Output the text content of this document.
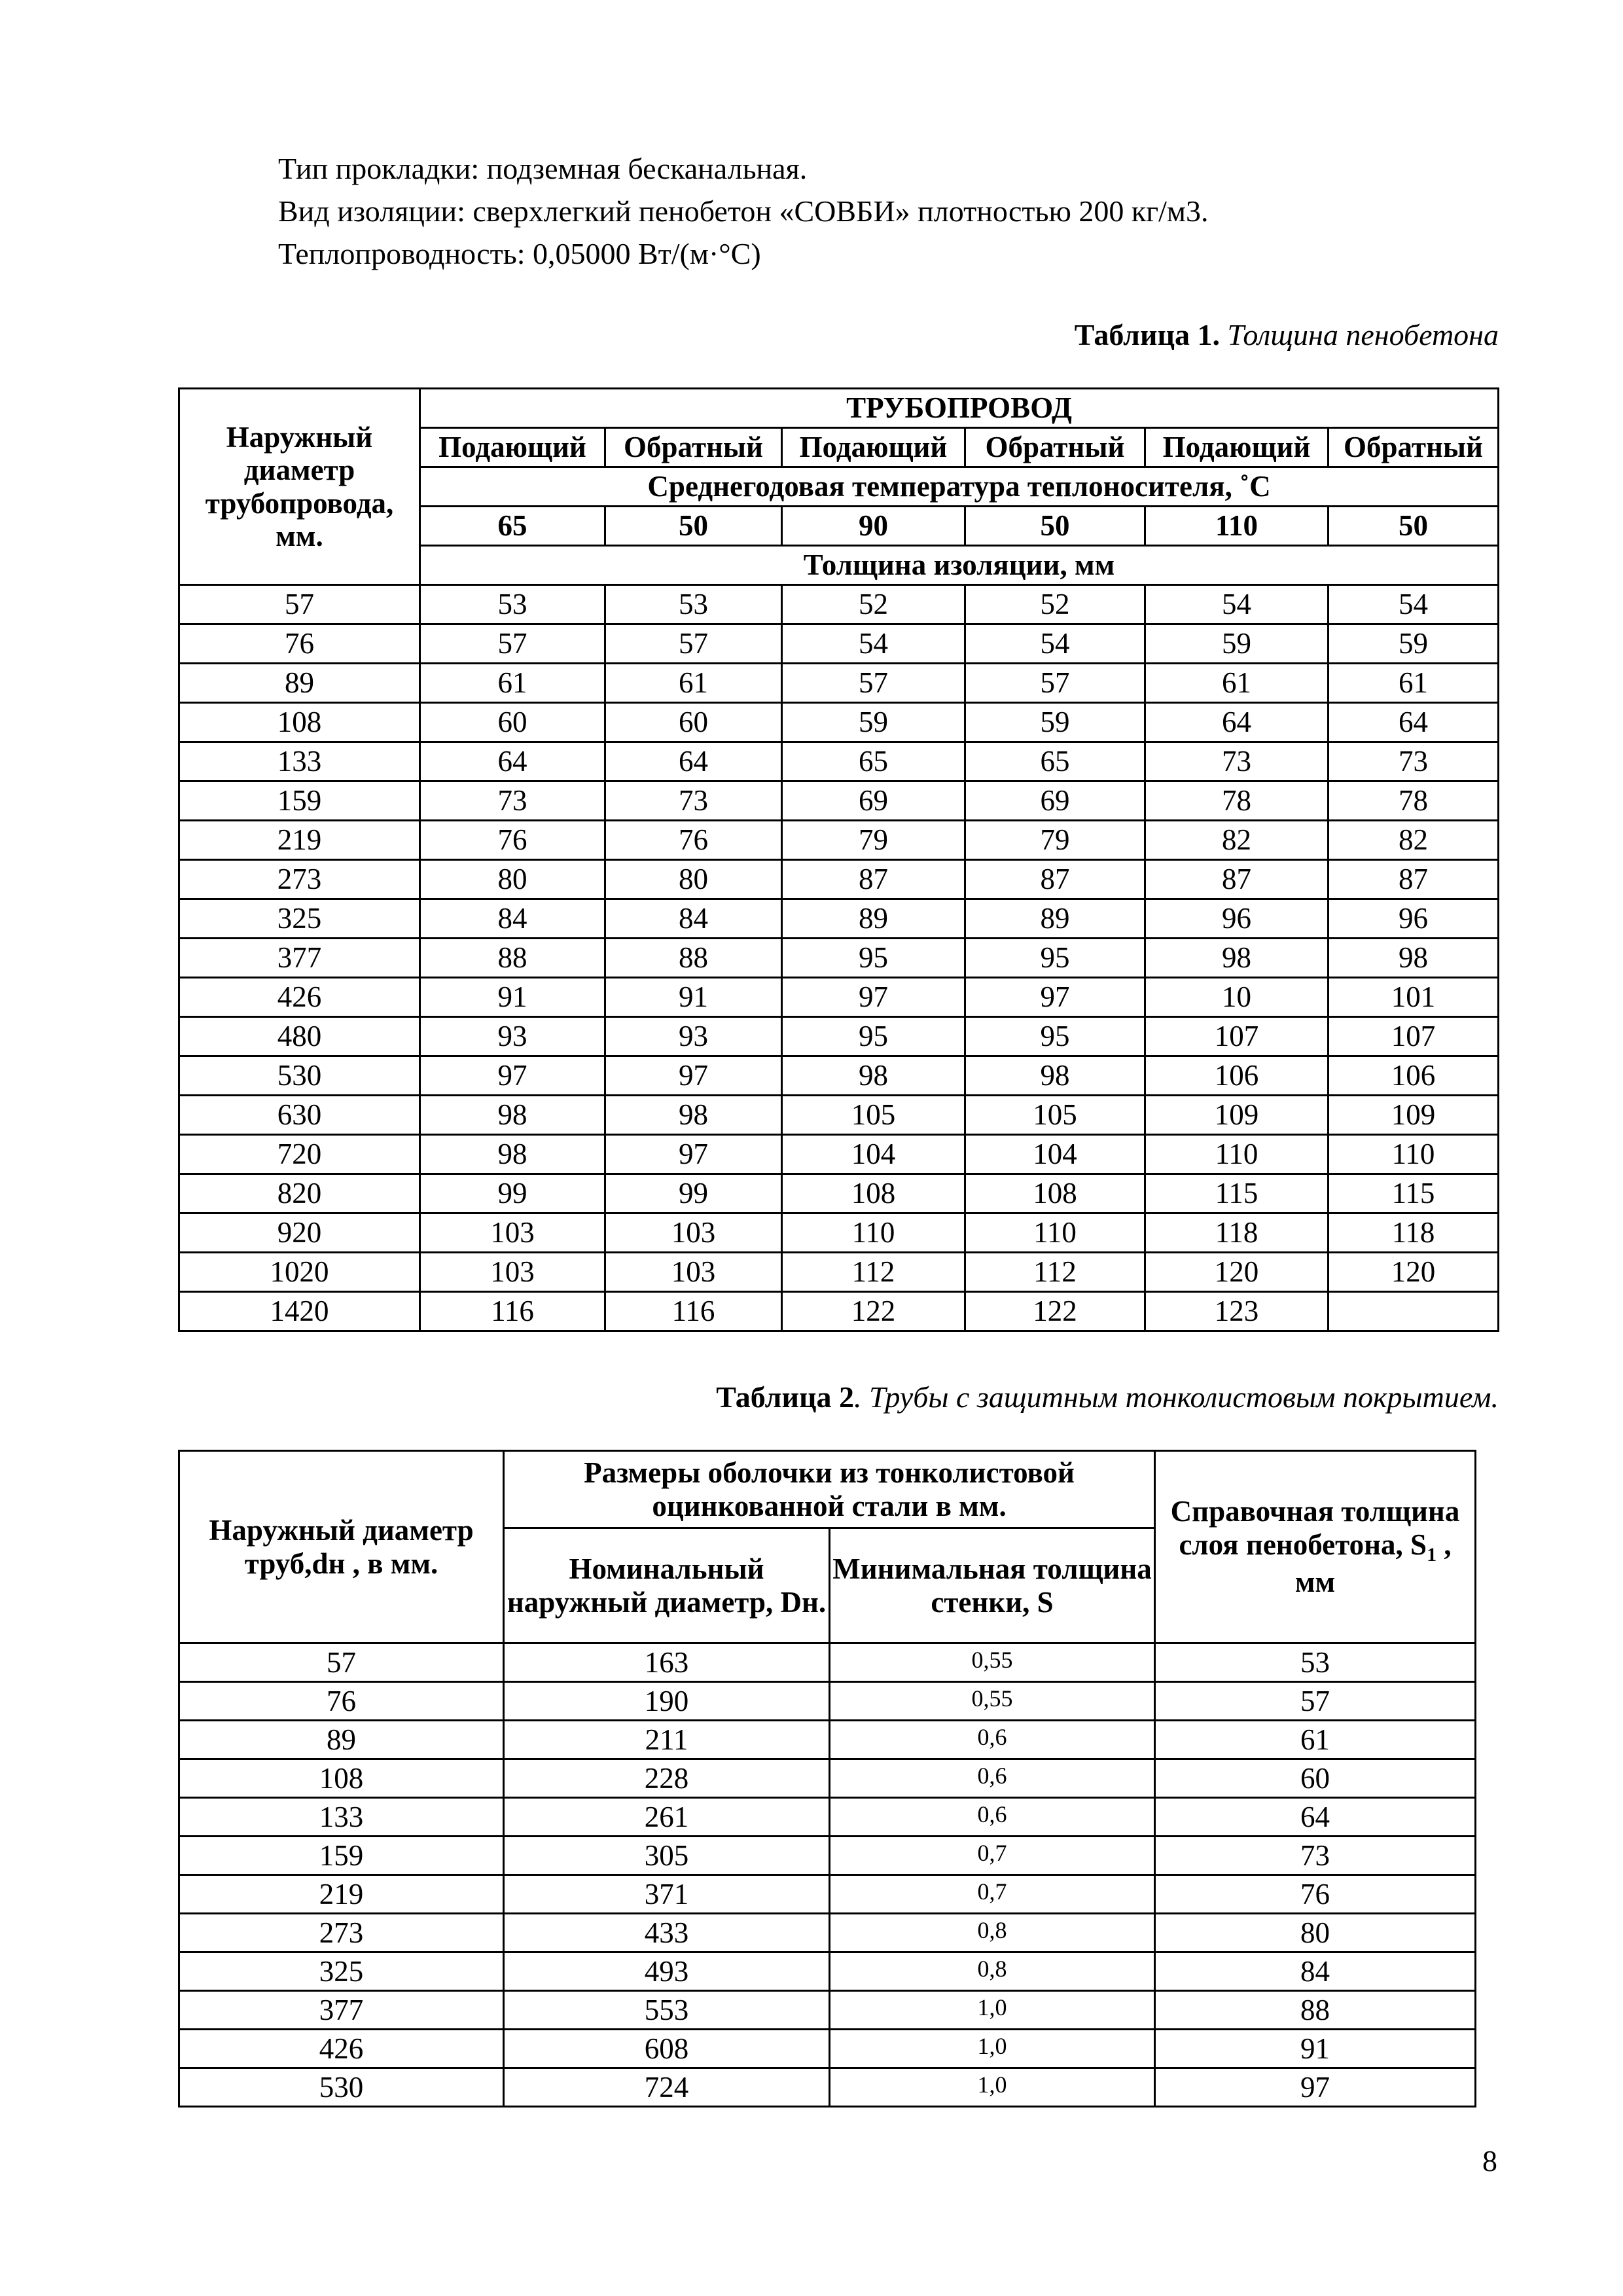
Тип прокладки: подземная бесканальная.
Вид изоляции: сверхлегкий пенобетон «СОВБИ» плотностью 200 кг/м3.
Теплопроводность: 0,05000 Вт/(м·°С)
Таблица 1. Толщина пенобетона
Наружный диаметр трубопровода, мм.	ТРУБОПРОВОД					
	Подающий	Обратный	Подающий	Обратный	Подающий	Обратный
	Среднегодовая температура теплоносителя, ˚С					
	65	50	90	50	110	50
	Толщина изоляции, мм					
57	53	53	52	52	54	54
76	57	57	54	54	59	59
89	61	61	57	57	61	61
108	60	60	59	59	64	64
133	64	64	65	65	73	73
159	73	73	69	69	78	78
219	76	76	79	79	82	82
273	80	80	87	87	87	87
325	84	84	89	89	96	96
377	88	88	95	95	98	98
426	91	91	97	97	10	101
480	93	93	95	95	107	107
530	97	97	98	98	106	106
630	98	98	105	105	109	109
720	98	97	104	104	110	110
820	99	99	108	108	115	115
920	103	103	110	110	118	118
1020	103	103	112	112	120	120
1420	116	116	122	122	123	
Таблица 2. Трубы с защитным тонколистовым покрытием.
Наружный диаметр труб,dн , в мм.	Размеры оболочки из тонколистовой оцинкованной стали в мм.		Справочная толщина слоя пенобетона, $S_1$ , мм
	Номинальный наружный диаметр, Dн.	Минимальная толщина стенки, S	
57	163	0,55	53
76	190	0,55	57
89	211	0,6	61
108	228	0,6	60
133	261	0,6	64
159	305	0,7	73
219	371	0,7	76
273	433	0,8	80
325	493	0,8	84
377	553	1,0	88
426	608	1,0	91
530	724	1,0	97
8
